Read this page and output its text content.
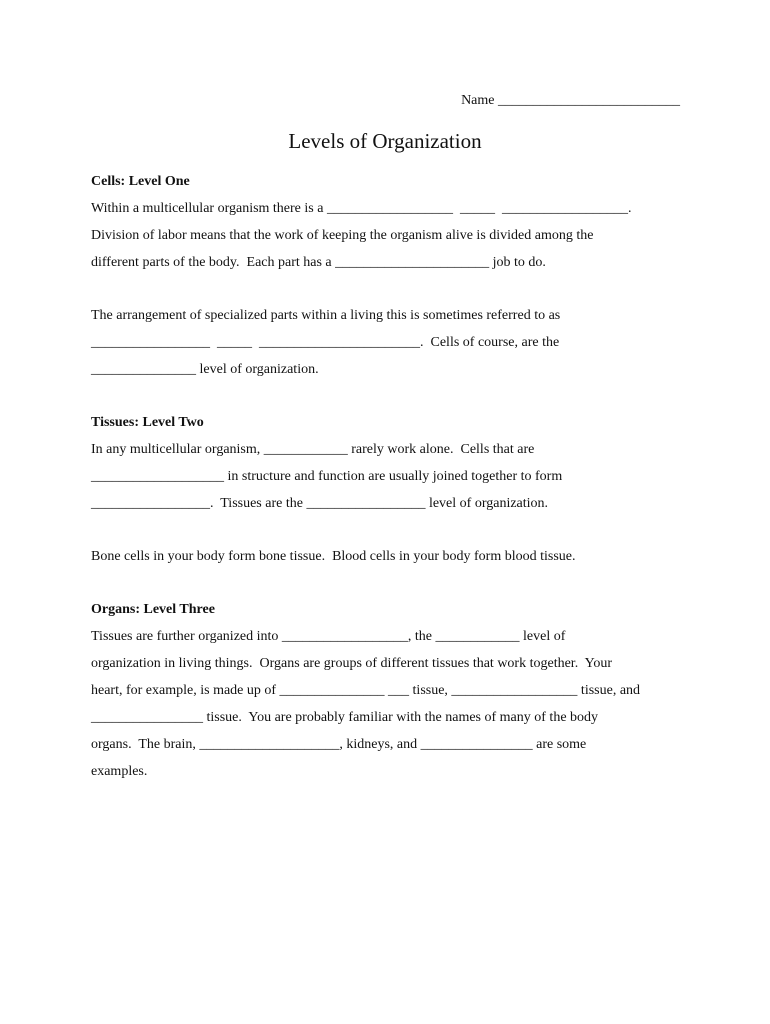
Name __________________________
Levels of Organization
Cells: Level One
Within a multicellular organism there is a __________________  _____  __________________.
Division of labor means that the work of keeping the organism alive is divided among the
different parts of the body.  Each part has a ______________________ job to do.
The arrangement of specialized parts within a living this is sometimes referred to as
_________________  _____  _______________________.  Cells of course, are the
_______________ level of organization.
Tissues: Level Two
In any multicellular organism, ____________ rarely work alone.  Cells that are
___________________ in structure and function are usually joined together to form
_________________.  Tissues are the _________________ level of organization.
Bone cells in your body form bone tissue.  Blood cells in your body form blood tissue.
Organs: Level Three
Tissues are further organized into __________________, the ____________ level of
organization in living things.  Organs are groups of different tissues that work together.  Your
heart, for example, is made up of _______________ ___ tissue, __________________ tissue, and
________________ tissue.  You are probably familiar with the names of many of the body
organs.  The brain, ____________________, kidneys, and ________________ are some
examples.
